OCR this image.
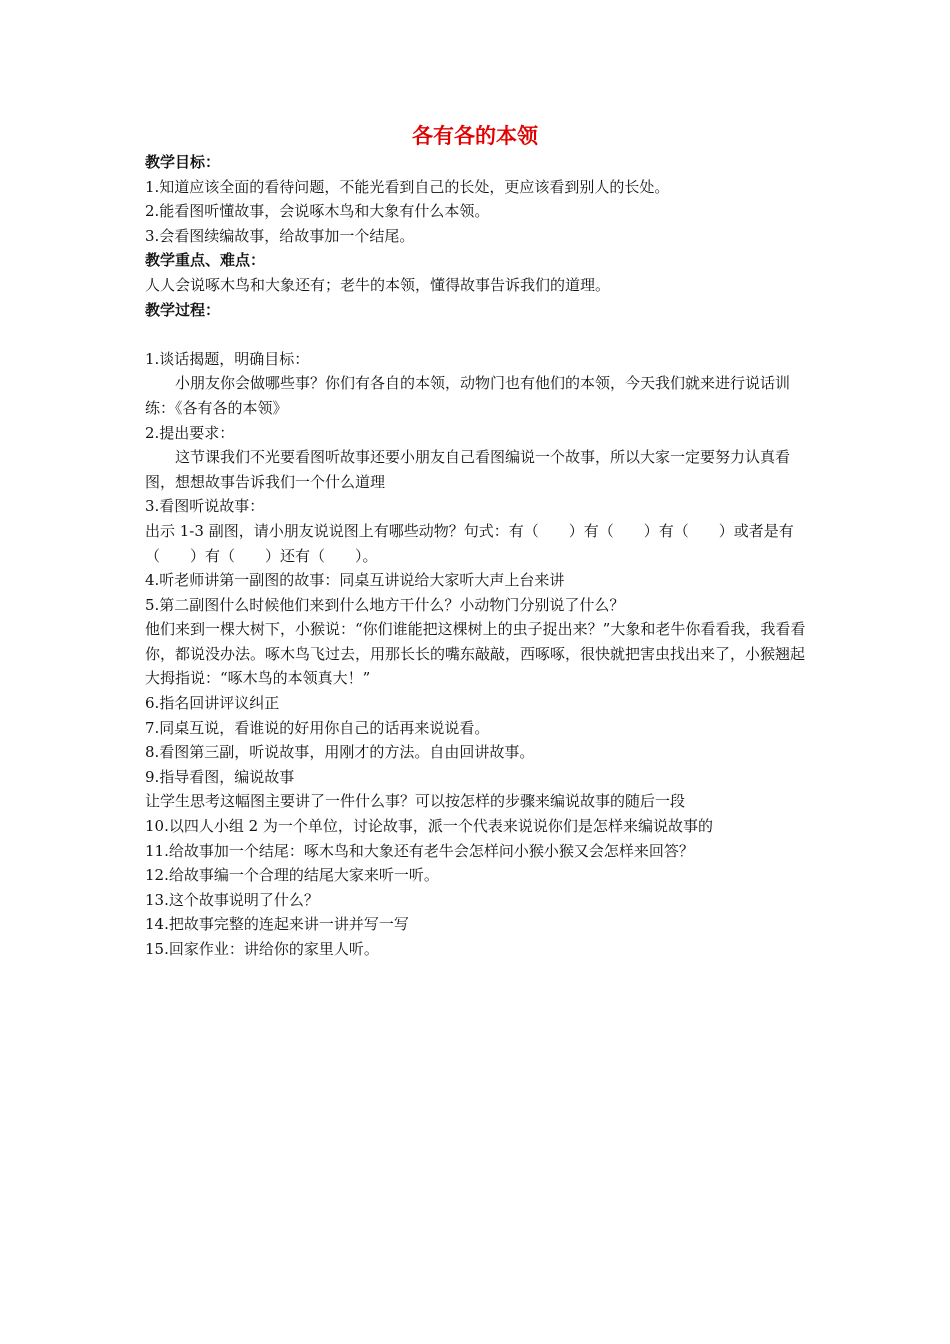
各有各的本领

教学目标：

1.知道应该全面的看待问题，不能光看到自己的长处，更应该看到别人的长处。

2.能看图听懂故事，会说啄木鸟和大象有什么本领。

3.会看图续编故事，给故事加一个结尾。

教学重点、难点：

人人会说啄木鸟和大象还有；老牛的本领，懂得故事告诉我们的道理。

教学过程：

1.谈话揭题，明确目标：

小朋友你会做哪些事？你们有各自的本领，动物门也有他们的本领，今天我们就来进行说话训练：《各有各的本领》

2.提出要求：

这节课我们不光要看图听故事还要小朋友自己看图编说一个故事，所以大家一定要努力认真看图，想想故事告诉我们一个什么道理

3.看图听说故事：

出示 1-3 副图，请小朋友说说图上有哪些动物？句式：有（　　）有（　　）有（　　）或者是有（　　）有（　　）还有（　　）。

4.听老师讲第一副图的故事：同桌互讲说给大家听大声上台来讲

5.第二副图什么时候他们来到什么地方干什么？小动物门分别说了什么？

他们来到一棵大树下，小猴说：“你们谁能把这棵树上的虫子捉出来？”大象和老牛你看看我，我看看你，都说没办法。啄木鸟飞过去，用那长长的嘴东敲敲，西啄啄，很快就把害虫找出来了，小猴翘起大拇指说：“啄木鸟的本领真大！”

6.指名回讲评议纠正

7.同桌互说，看谁说的好用你自己的话再来说说看。

8.看图第三副，听说故事，用刚才的方法。自由回讲故事。

9.指导看图，编说故事

让学生思考这幅图主要讲了一件什么事？可以按怎样的步骤来编说故事的随后一段

10.以四人小组 2 为一个单位，讨论故事，派一个代表来说说你们是怎样来编说故事的

11.给故事加一个结尾：啄木鸟和大象还有老牛会怎样问小猴小猴又会怎样来回答？

12.给故事编一个合理的结尾大家来听一听。

13.这个故事说明了什么？

14.把故事完整的连起来讲一讲并写一写

15.回家作业：讲给你的家里人听。
